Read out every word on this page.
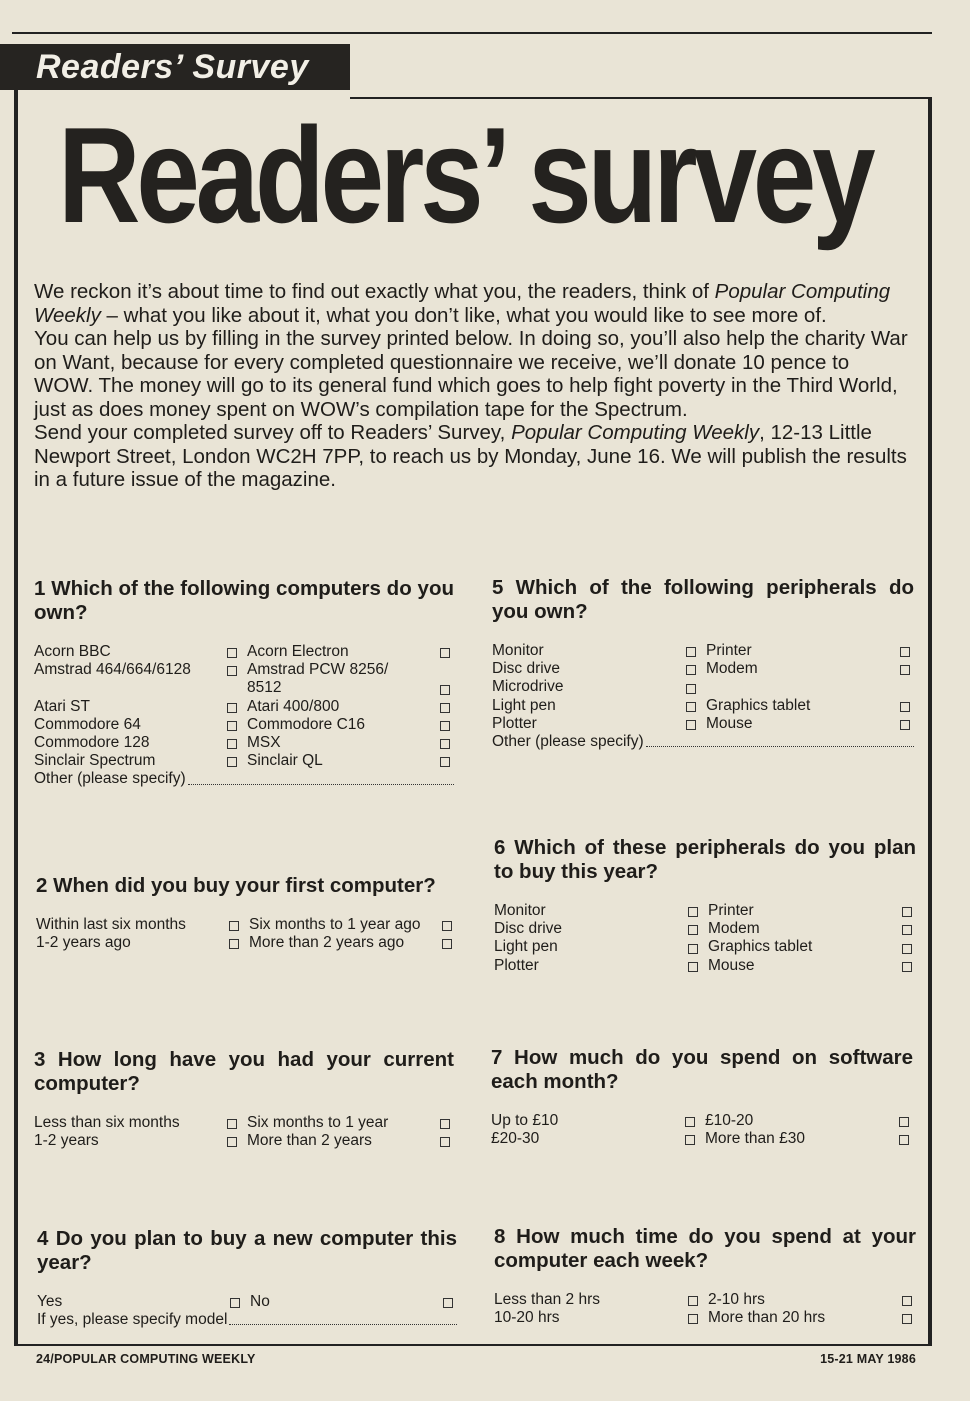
Readers’ Survey
Readers’ survey

We reckon it’s about time to find out exactly what you, the readers, think of Popular Computing Weekly – what you like about it, what you don’t like, what you would like to see more of.

You can help us by filling in the survey printed below. In doing so, you’ll also help the charity War on Want, because for every completed questionnaire we receive, we’ll donate 10 pence to WOW. The money will go to its general fund which goes to help fight poverty in the Third World, just as does money spent on WOW’s compilation tape for the Spectrum.

Send your completed survey off to Readers’ Survey, Popular Computing Weekly, 12-13 Little Newport Street, London WC2H 7PP, to reach us by Monday, June 16. We will publish the results in a future issue of the magazine.

1 Which of the following computers do you own?
Acorn BBC	Acorn Electron
Amstrad 464/664/6128	Amstrad PCW 8256/ 8512
Atari ST	Atari 400/800
Commodore 64	Commodore C16
Commodore 128	MSX
Sinclair Spectrum	Sinclair QL
Other (please specify)
2 When did you buy your first computer?
Within last six months	Six months to 1 year ago
1-2 years ago	More than 2 years ago
3 How long have you had your current computer?
Less than six months	Six months to 1 year
1-2 years	More than 2 years
4 Do you plan to buy a new computer this year?
Yes	No
If yes, please specify model
5 Which of the following peripherals do you own?
Monitor	Printer
Disc drive	Modem
Microdrive
Light pen	Graphics tablet
Plotter	Mouse
Other (please specify)
6 Which of these peripherals do you plan to buy this year?
Monitor	Printer
Disc drive	Modem
Light pen	Graphics tablet
Plotter	Mouse
7 How much do you spend on software each month?
Up to £10	£10-20
£20-30	More than £30
8 How much time do you spend at your computer each week?
Less than 2 hrs	2-10 hrs
10-20 hrs	More than 20 hrs
24/POPULAR COMPUTING WEEKLY	15-21 MAY 1986
